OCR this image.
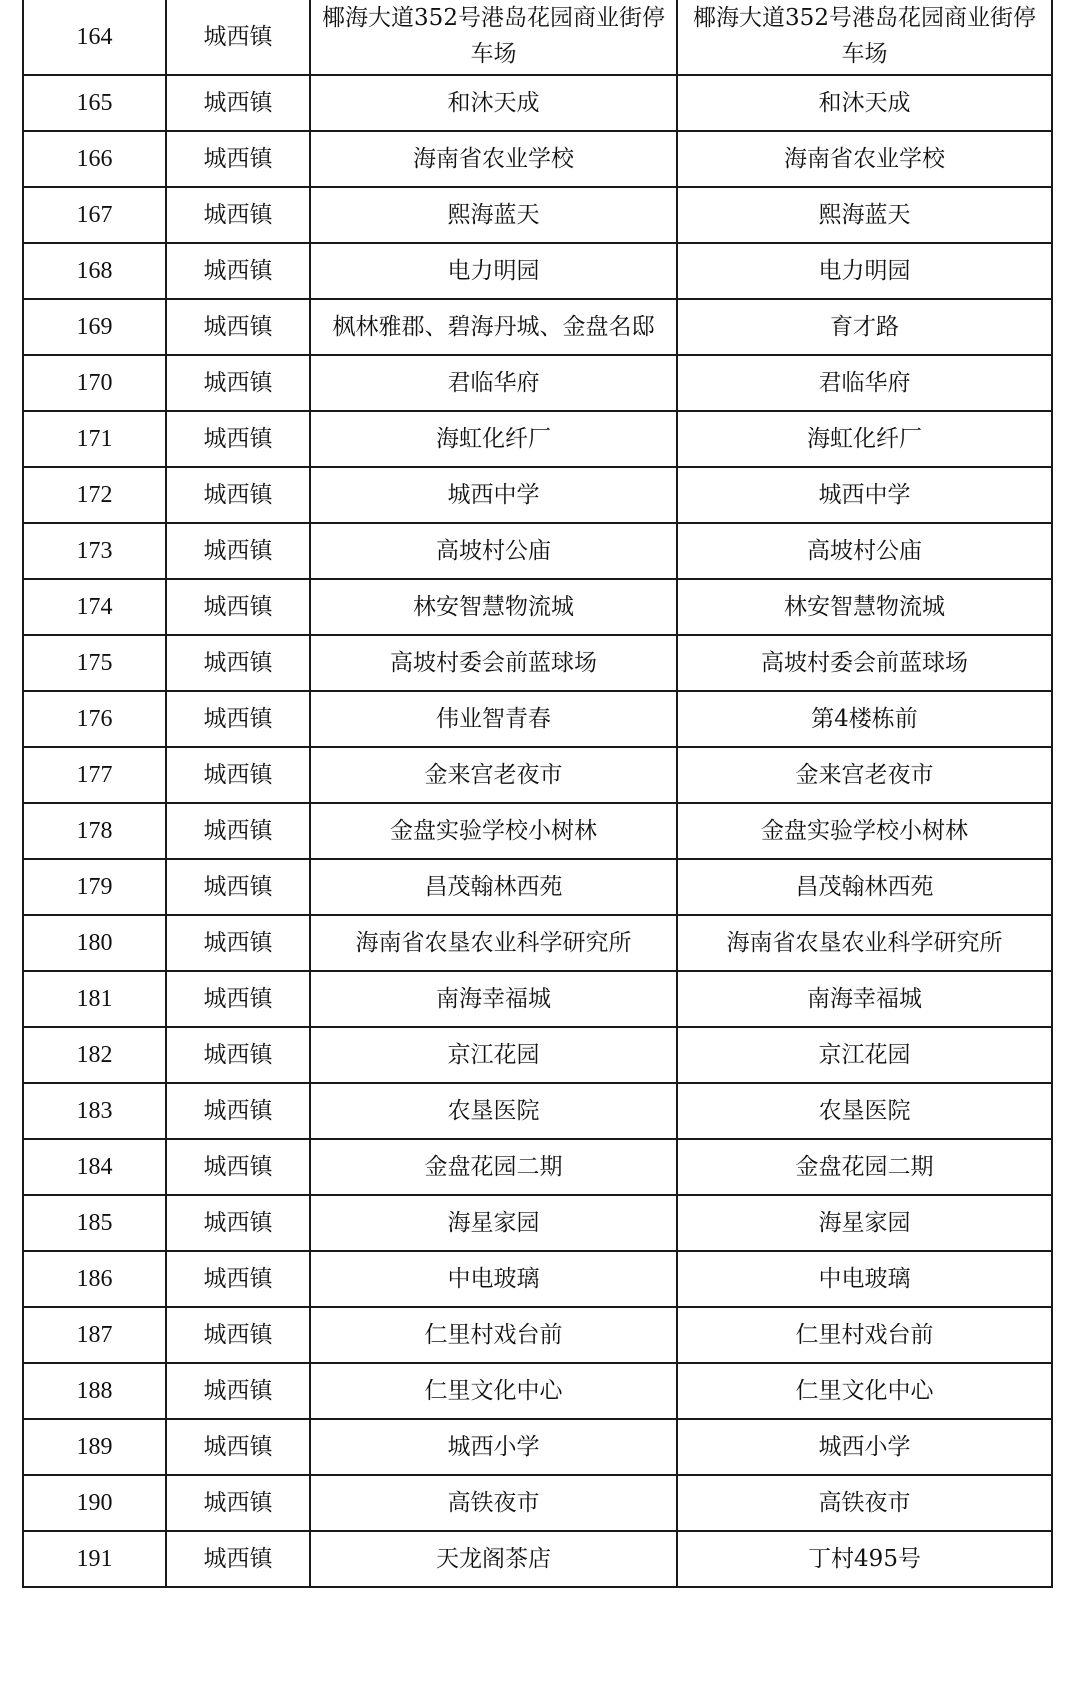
164	城西镇	椰海大道352号港岛花园商业街停车场	椰海大道352号港岛花园商业街停车场
165	城西镇	和沐天成	和沐天成
166	城西镇	海南省农业学校	海南省农业学校
167	城西镇	熙海蓝天	熙海蓝天
168	城西镇	电力明园	电力明园
169	城西镇	枫林雅郡、碧海丹城、金盘名邸	育才路
170	城西镇	君临华府	君临华府
171	城西镇	海虹化纤厂	海虹化纤厂
172	城西镇	城西中学	城西中学
173	城西镇	高坡村公庙	高坡村公庙
174	城西镇	林安智慧物流城	林安智慧物流城
175	城西镇	高坡村委会前蓝球场	高坡村委会前蓝球场
176	城西镇	伟业智青春	第4楼栋前
177	城西镇	金来宫老夜市	金来宫老夜市
178	城西镇	金盘实验学校小树林	金盘实验学校小树林
179	城西镇	昌茂翰林西苑	昌茂翰林西苑
180	城西镇	海南省农垦农业科学研究所	海南省农垦农业科学研究所
181	城西镇	南海幸福城	南海幸福城
182	城西镇	京江花园	京江花园
183	城西镇	农垦医院	农垦医院
184	城西镇	金盘花园二期	金盘花园二期
185	城西镇	海星家园	海星家园
186	城西镇	中电玻璃	中电玻璃
187	城西镇	仁里村戏台前	仁里村戏台前
188	城西镇	仁里文化中心	仁里文化中心
189	城西镇	城西小学	城西小学
190	城西镇	高铁夜市	高铁夜市
191	城西镇	天龙阁茶店	丁村495号
